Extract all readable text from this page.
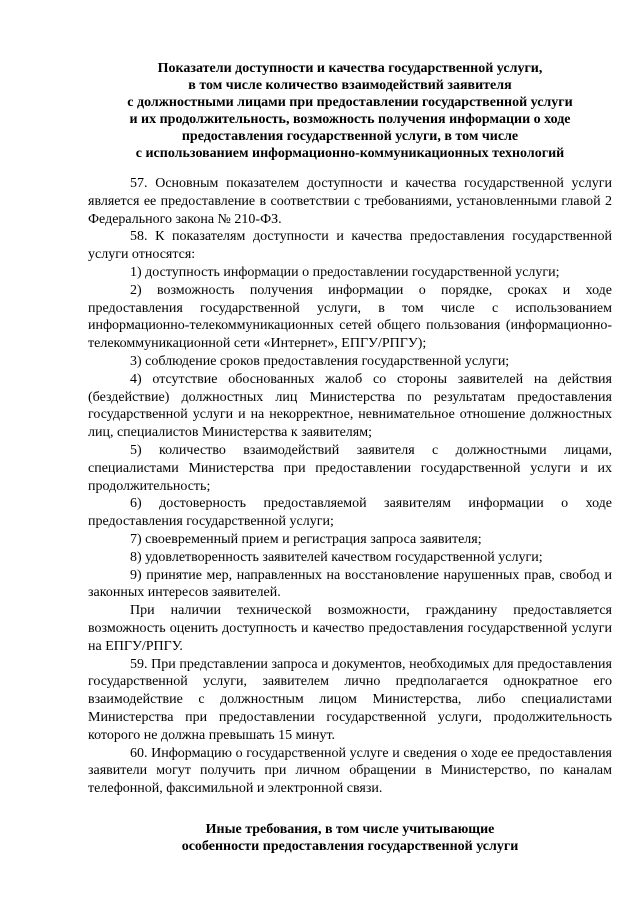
Показатели доступности и качества государственной услуги,
в том числе количество взаимодействий заявителя
с должностными лицами при предоставлении государственной услуги
и их продолжительность, возможность получения информации о ходе
предоставления государственной услуги, в том числе
с использованием информационно-коммуникационных технологий

57. Основным показателем доступности и качества государственной услуги является ее предоставление в соответствии с требованиями, установленными главой 2 Федерального закона № 210-ФЗ.

58. К показателям доступности и качества предоставления государственной услуги относятся:

1) доступность информации о предоставлении государственной услуги;

2) возможность получения информации о порядке, сроках и ходе предоставления государственной услуги, в том числе с использованием информационно-телекоммуникационных сетей общего пользования (информационно-телекоммуникационной сети «Интернет», ЕПГУ/РПГУ);

3) соблюдение сроков предоставления государственной услуги;

4) отсутствие обоснованных жалоб со стороны заявителей на действия (бездействие) должностных лиц Министерства по результатам предоставления государственной услуги и на некорректное, невнимательное отношение должностных лиц, специалистов Министерства к заявителям;

5) количество взаимодействий заявителя с должностными лицами, специалистами Министерства при предоставлении государственной услуги и их продолжительность;

6) достоверность предоставляемой заявителям информации о ходе предоставления государственной услуги;

7) своевременный прием и регистрация запроса заявителя;

8) удовлетворенность заявителей качеством государственной услуги;

9) принятие мер, направленных на восстановление нарушенных прав, свобод и законных интересов заявителей.

При наличии технической возможности, гражданину предоставляется возможность оценить доступность и качество предоставления государственной услуги на ЕПГУ/РПГУ.

59. При представлении запроса и документов, необходимых для предоставления государственной услуги, заявителем лично предполагается однократное его взаимодействие с должностным лицом Министерства, либо специалистами Министерства при предоставлении государственной услуги, продолжительность которого не должна превышать 15 минут.

60. Информацию о государственной услуге и сведения о ходе ее предоставления заявители могут получить при личном обращении в Министерство, по каналам телефонной, факсимильной и электронной связи.

Иные требования, в том числе учитывающие
особенности предоставления государственной услуги
